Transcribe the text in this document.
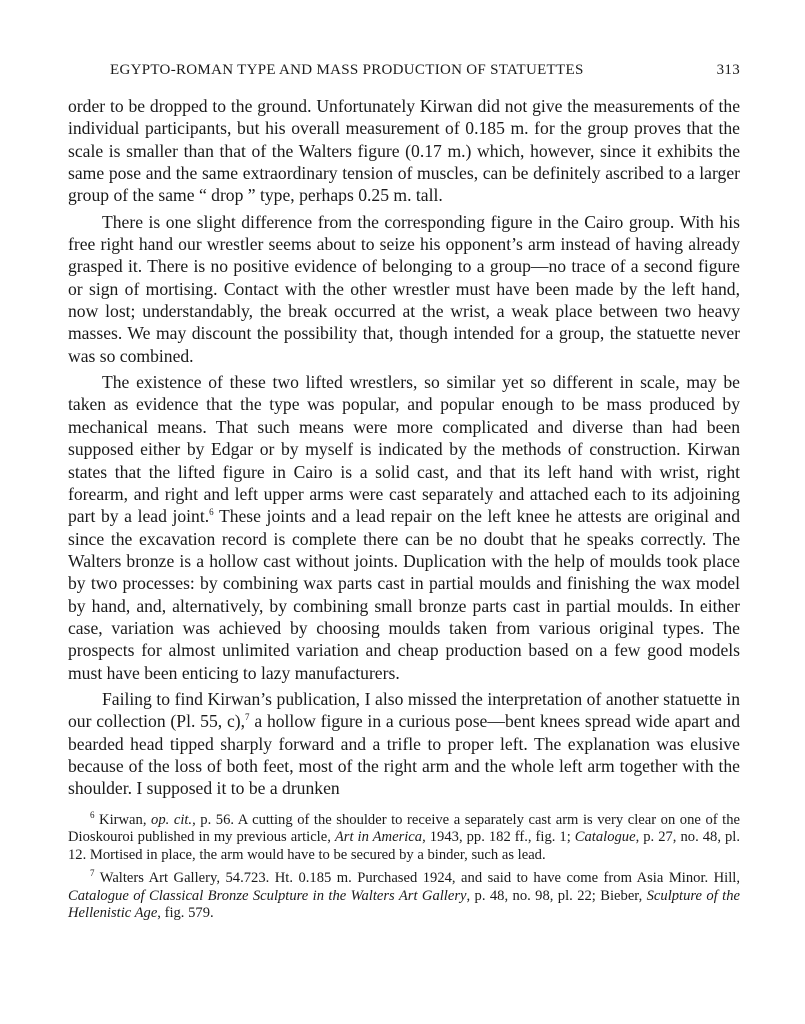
EGYPTO-ROMAN TYPE AND MASS PRODUCTION OF STATUETTES	313

order to be dropped to the ground. Unfortunately Kirwan did not give the measurements of the individual participants, but his overall measurement of 0.185 m. for the group proves that the scale is smaller than that of the Walters figure (0.17 m.) which, however, since it exhibits the same pose and the same extraordinary tension of muscles, can be definitely ascribed to a larger group of the same “ drop ” type, perhaps 0.25 m. tall.

There is one slight difference from the corresponding figure in the Cairo group. With his free right hand our wrestler seems about to seize his opponent’s arm instead of having already grasped it. There is no positive evidence of belonging to a group—no trace of a second figure or sign of mortising. Contact with the other wrestler must have been made by the left hand, now lost; understandably, the break occurred at the wrist, a weak place between two heavy masses. We may discount the possibility that, though intended for a group, the statuette never was so combined.

The existence of these two lifted wrestlers, so similar yet so different in scale, may be taken as evidence that the type was popular, and popular enough to be mass produced by mechanical means. That such means were more complicated and diverse than had been supposed either by Edgar or by myself is indicated by the methods of construction. Kirwan states that the lifted figure in Cairo is a solid cast, and that its left hand with wrist, right forearm, and right and left upper arms were cast separately and attached each to its adjoining part by a lead joint.$^6$ These joints and a lead repair on the left knee he attests are original and since the excavation record is complete there can be no doubt that he speaks correctly. The Walters bronze is a hollow cast without joints. Duplication with the help of moulds took place by two processes: by combining wax parts cast in partial moulds and finishing the wax model by hand, and, alternatively, by combining small bronze parts cast in partial moulds. In either case, variation was achieved by choosing moulds taken from various original types. The prospects for almost unlimited variation and cheap production based on a few good models must have been enticing to lazy manufacturers.

Failing to find Kirwan’s publication, I also missed the interpretation of another statuette in our collection (Pl. 55, c),$^7$ a hollow figure in a curious pose—bent knees spread wide apart and bearded head tipped sharply forward and a trifle to proper left. The explanation was elusive because of the loss of both feet, most of the right arm and the whole left arm together with the shoulder. I supposed it to be a drunken

$^6$ Kirwan, op. cit., p. 56. A cutting of the shoulder to receive a separately cast arm is very clear on one of the Dioskouroi published in my previous article, Art in America, 1943, pp. 182 ff., fig. 1; Catalogue, p. 27, no. 48, pl. 12. Mortised in place, the arm would have to be secured by a binder, such as lead.

$^7$ Walters Art Gallery, 54.723. Ht. 0.185 m. Purchased 1924, and said to have come from Asia Minor. Hill, Catalogue of Classical Bronze Sculpture in the Walters Art Gallery, p. 48, no. 98, pl. 22; Bieber, Sculpture of the Hellenistic Age, fig. 579.
